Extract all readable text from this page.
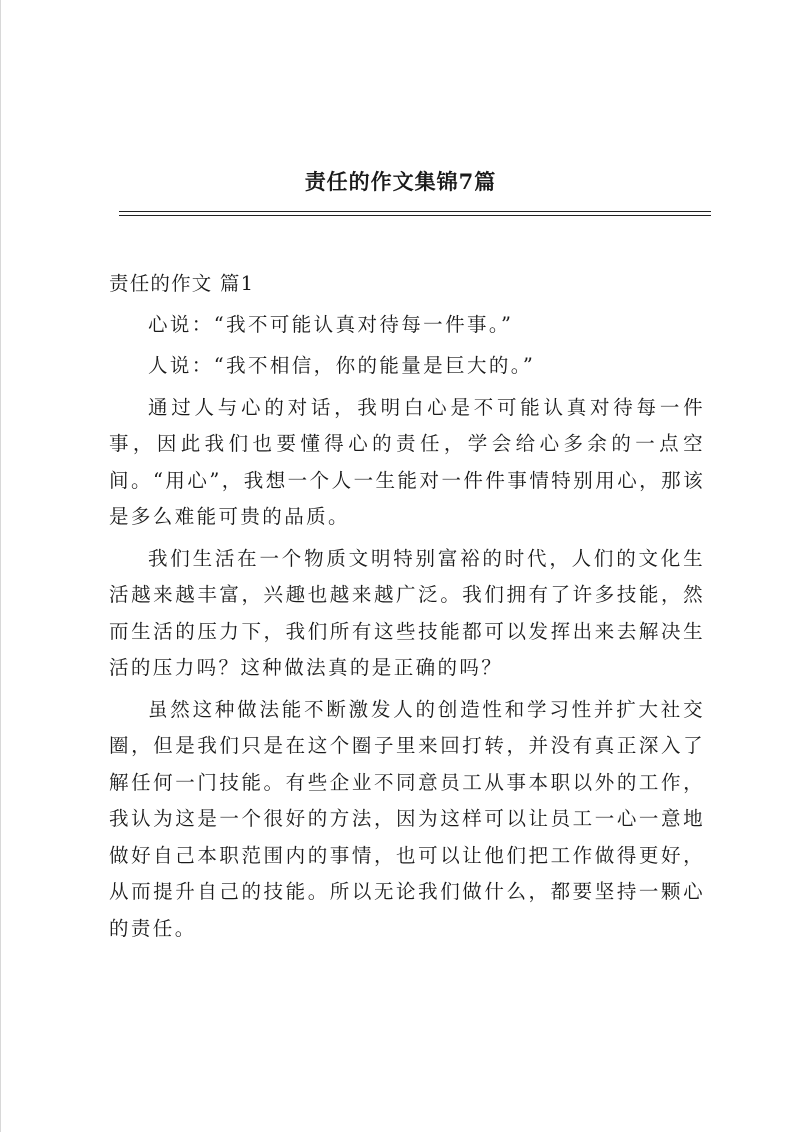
责任的作文集锦7篇

责任的作文 篇1

心说：“我不可能认真对待每一件事。”

人说：“我不相信，你的能量是巨大的。”

通过人与心的对话，我明白心是不可能认真对待每一件事，因此我们也要懂得心的责任，学会给心多余的一点空间。“用心”，我想一个人一生能对一件件事情特别用心，那该是多么难能可贵的品质。

我们生活在一个物质文明特别富裕的时代，人们的文化生活越来越丰富，兴趣也越来越广泛。我们拥有了许多技能，然而生活的压力下，我们所有这些技能都可以发挥出来去解决生活的压力吗？这种做法真的是正确的吗？

虽然这种做法能不断激发人的创造性和学习性并扩大社交圈，但是我们只是在这个圈子里来回打转，并没有真正深入了解任何一门技能。有些企业不同意员工从事本职以外的工作，我认为这是一个很好的方法，因为这样可以让员工一心一意地做好自己本职范围内的事情，也可以让他们把工作做得更好，从而提升自己的技能。所以无论我们做什么，都要坚持一颗心的责任。
